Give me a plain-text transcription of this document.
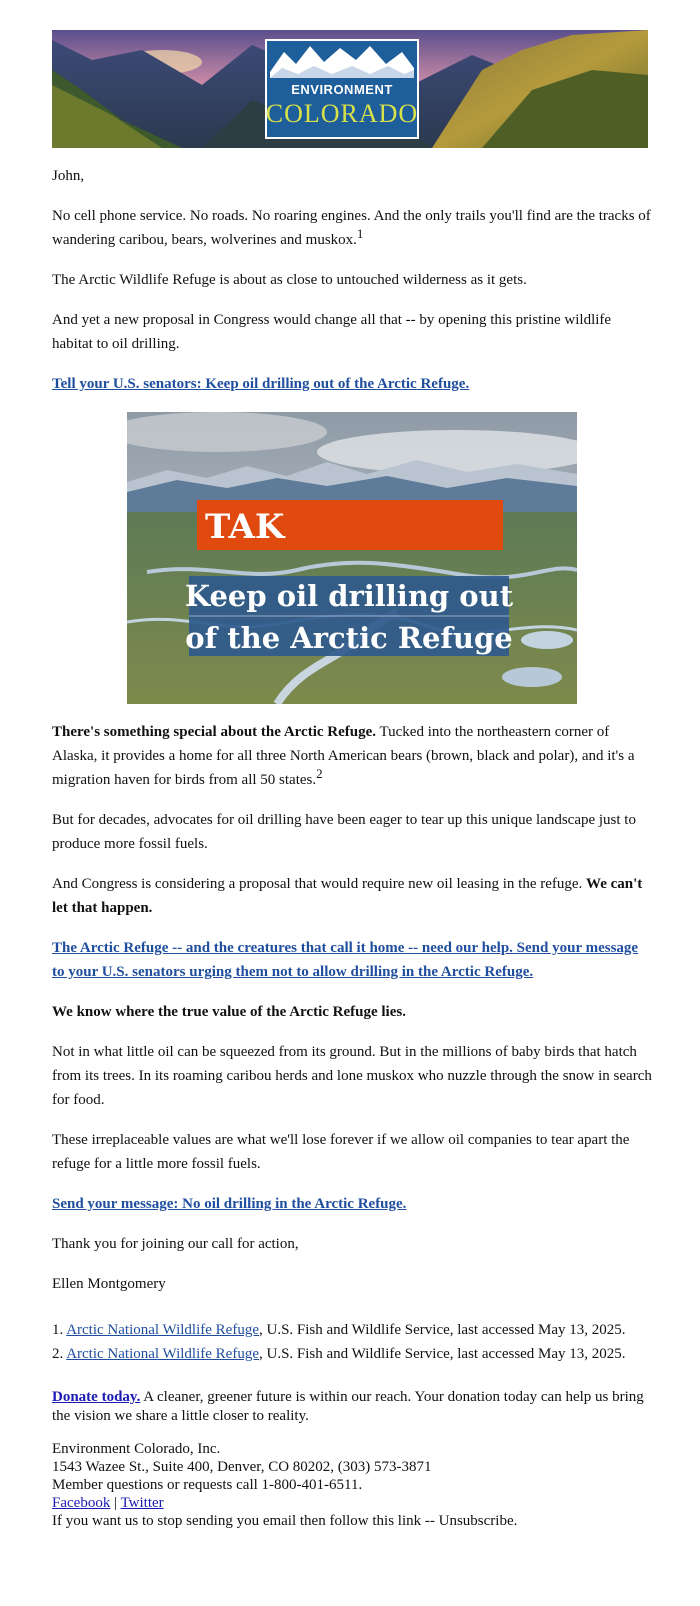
ENVIRONMENT
COLORADO

John,

No cell phone service. No roads. No roaring engines. And the only trails you'll find are the tracks of wandering caribou, bears, wolverines and muskox.$^1$

The Arctic Wildlife Refuge is about as close to untouched wilderness as it gets.

And yet a new proposal in Congress would change all that -- by opening this pristine wildlife habitat to oil drilling.

Tell your U.S. senators: Keep oil drilling out of the Arctic Refuge.

TAK
Keep oil drilling out
of the Arctic Refuge

There's something special about the Arctic Refuge. Tucked into the northeastern corner of Alaska, it provides a home for all three North American bears (brown, black and polar), and it's a migration haven for birds from all 50 states.$^2$

But for decades, advocates for oil drilling have been eager to tear up this unique landscape just to produce more fossil fuels.

And Congress is considering a proposal that would require new oil leasing in the refuge. We can't let that happen.

The Arctic Refuge -- and the creatures that call it home -- need our help. Send your message to your U.S. senators urging them not to allow drilling in the Arctic Refuge.

We know where the true value of the Arctic Refuge lies.

Not in what little oil can be squeezed from its ground. But in the millions of baby birds that hatch from its trees. In its roaming caribou herds and lone muskox who nuzzle through the snow in search for food.

These irreplaceable values are what we'll lose forever if we allow oil companies to tear apart the refuge for a little more fossil fuels.

Send your message: No oil drilling in the Arctic Refuge.

Thank you for joining our call for action,

Ellen Montgomery

1. Arctic National Wildlife Refuge, U.S. Fish and Wildlife Service, last accessed May 13, 2025.

2. Arctic National Wildlife Refuge, U.S. Fish and Wildlife Service, last accessed May 13, 2025.

Donate today. A cleaner, greener future is within our reach. Your donation today can help us bring the vision we share a little closer to reality.
Environment Colorado, Inc.
1543 Wazee St., Suite 400, Denver, CO 80202, (303) 573-3871
Member questions or requests call 1-800-401-6511.
Facebook | Twitter
If you want us to stop sending you email then follow this link -- Unsubscribe.
